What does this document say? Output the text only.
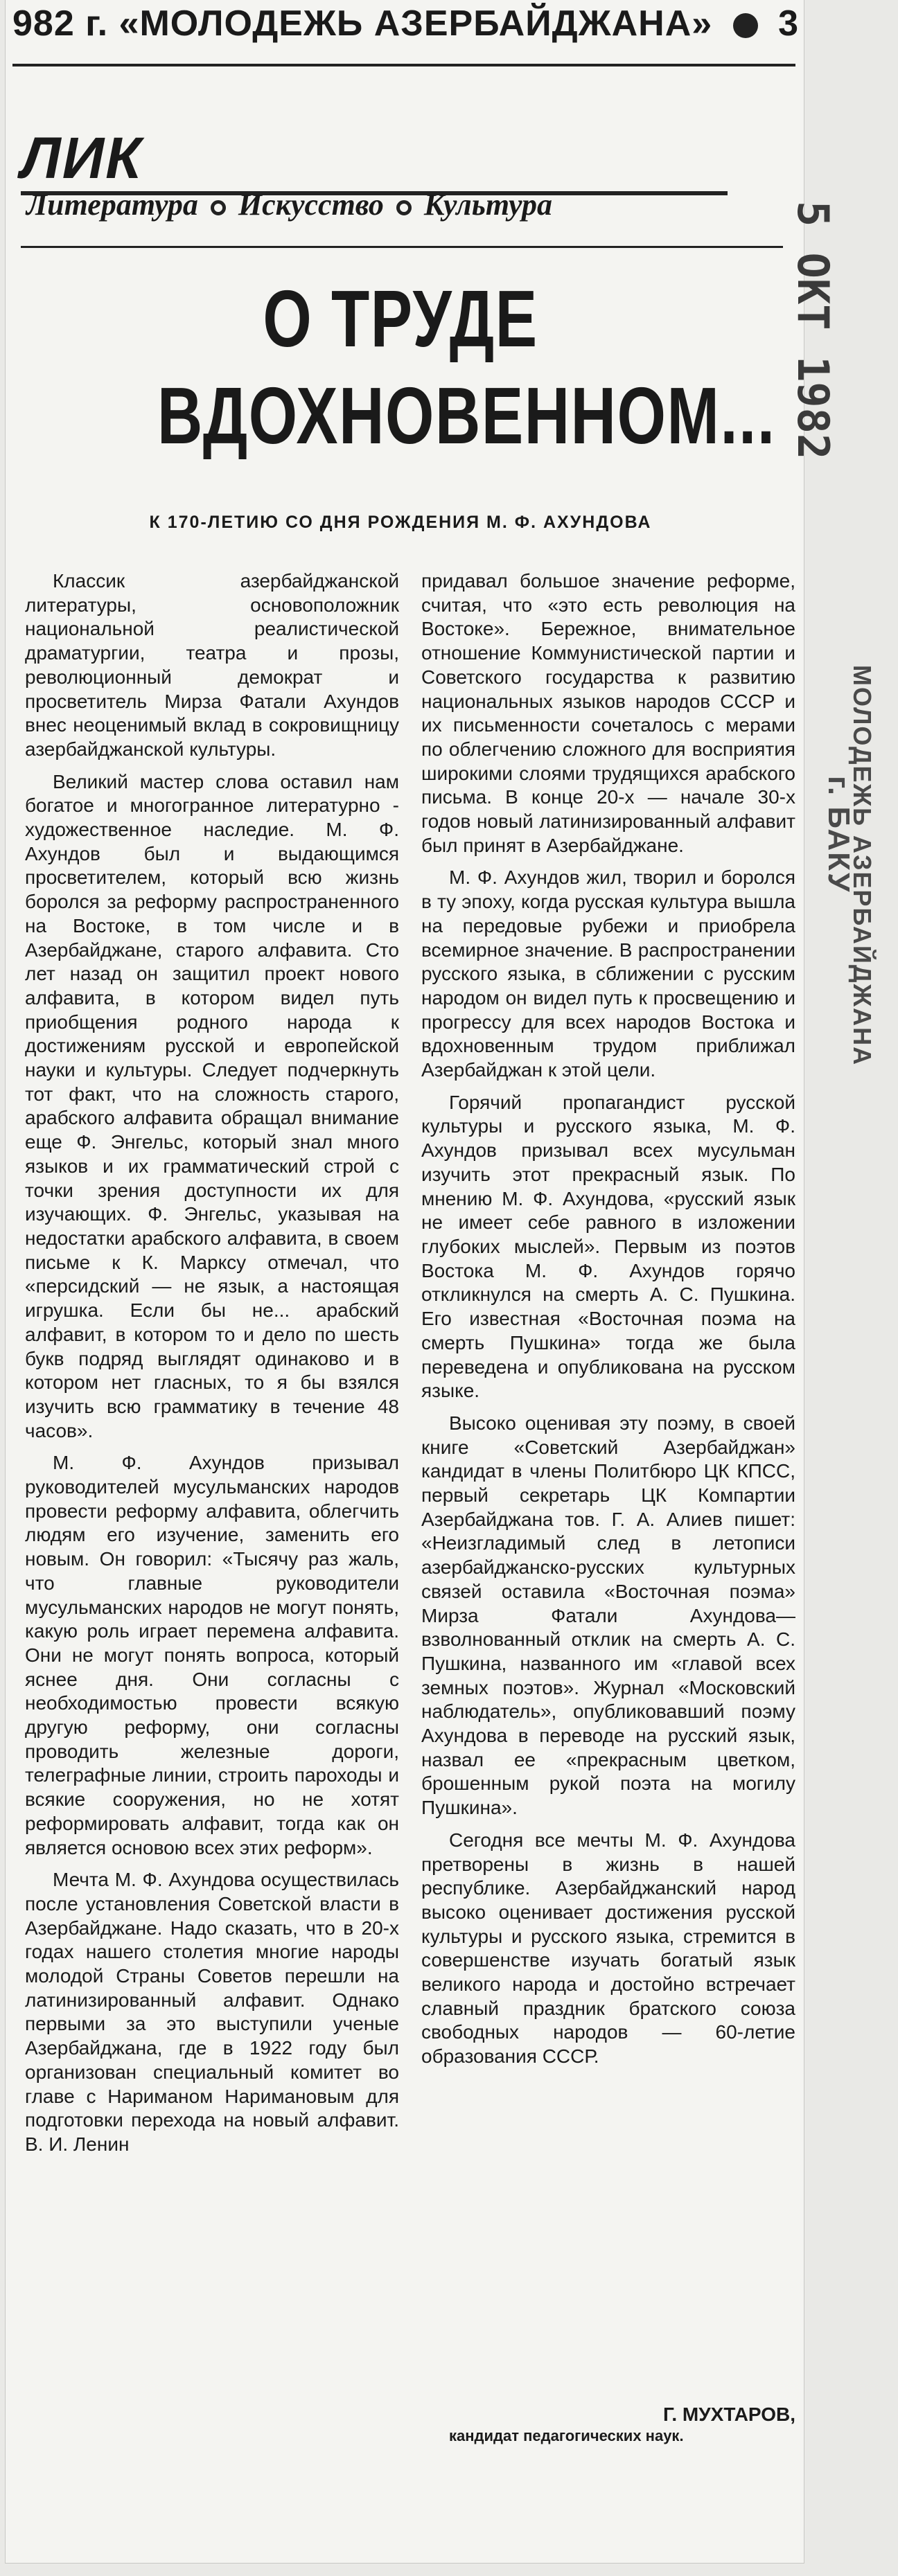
982 г. «МОЛОДЕЖЬ АЗЕРБАЙДЖАНА» 3
ЛИК
Литература Искусство Культура
О ТРУДЕ
ВДОХНОВЕННОМ...
К 170-ЛЕТИЮ СО ДНЯ РОЖДЕНИЯ М. Ф. АХУНДОВА

Классик азербайджанской литературы, основоположник национальной реалистической драматургии, театра и прозы, революционный демократ и просветитель Мирза Фатали Ахундов внес неоценимый вклад в сокровищницу азербайджанской культуры.

Великий мастер слова оставил нам богатое и многогранное литературно - художественное наследие. М. Ф. Ахундов был и выдающимся просветителем, который всю жизнь боролся за реформу распространенного на Востоке, в том числе и в Азербайджане, старого алфавита. Сто лет назад он защитил проект нового алфавита, в котором видел путь приобщения родного народа к достижениям русской и европейской науки и культуры. Следует подчеркнуть тот факт, что на сложность старого, арабского алфавита обращал внимание еще Ф. Энгельс, который знал много языков и их грамматический строй с точки зрения доступности их для изучающих. Ф. Энгельс, указывая на недостатки арабского алфавита, в своем письме к К. Марксу отмечал, что «персидский — не язык, а настоящая игрушка. Если бы не... арабский алфавит, в котором то и дело по шесть букв подряд выглядят одинаково и в котором нет гласных, то я бы взялся изучить всю грамматику в течение 48 часов».

М. Ф. Ахундов призывал руководителей мусульманских народов провести реформу алфавита, облегчить людям его изучение, заменить его новым. Он говорил: «Тысячу раз жаль, что главные руководители мусульманских народов не могут понять, какую роль играет перемена алфавита. Они не могут понять вопроса, который яснее дня. Они согласны с необходимостью провести всякую другую реформу, они согласны проводить железные дороги, телеграфные линии, строить пароходы и всякие сооружения, но не хотят реформировать алфавит, тогда как он является основою всех этих реформ».

Мечта М. Ф. Ахундова осуществилась после установления Советской власти в Азербайджане. Надо сказать, что в 20-х годах нашего столетия многие народы молодой Страны Советов перешли на латинизированный алфавит. Однако первыми за это выступили ученые Азербайджана, где в 1922 году был организован специальный комитет во главе с Нариманом Наримановым для подготовки перехода на новый алфавит. В. И. Ленин

придавал большое значение реформе, считая, что «это есть революция на Востоке». Бережное, внимательное отношение Коммунистической партии и Советского государства к развитию национальных языков народов СССР и их письменности сочеталось с мерами по облегчению сложного для восприятия широкими слоями трудящихся арабского письма. В конце 20-х — начале 30-х годов новый латинизированный алфавит был принят в Азербайджане.

М. Ф. Ахундов жил, творил и боролся в ту эпоху, когда русская культура вышла на передовые рубежи и приобрела всемирное значение. В распространении русского языка, в сближении с русским народом он видел путь к просвещению и прогрессу для всех народов Востока и вдохновенным трудом приближал Азербайджан к этой цели.

Горячий пропагандист русской культуры и русского языка, М. Ф. Ахундов призывал всех мусульман изучить этот прекрасный язык. По мнению М. Ф. Ахундова, «русский язык не имеет себе равного в изложении глубоких мыслей». Первым из поэтов Востока М. Ф. Ахундов горячо откликнулся на смерть А. С. Пушкина. Его известная «Восточная поэма на смерть Пушкина» тогда же была переведена и опубликована на русском языке.

Высоко оценивая эту поэму, в своей книге «Советский Азербайджан» кандидат в члены Политбюро ЦК КПСС, первый секретарь ЦК Компартии Азербайджана тов. Г. А. Алиев пишет: «Неизгладимый след в летописи азербайджанско-русских культурных связей оставила «Восточная поэма» Мирза Фатали Ахундова—взволнованный отклик на смерть А. С. Пушкина, названного им «главой всех земных поэтов». Журнал «Московский наблюдатель», опубликовавший поэму Ахундова в переводе на русский язык, назвал ее «прекрасным цветком, брошенным рукой поэта на могилу Пушкина».

Сегодня все мечты М. Ф. Ахундова претворены в жизнь в нашей республике. Азербайджанский народ высоко оценивает достижения русской культуры и русского языка, стремится в совершенстве изучать богатый язык великого народа и достойно встречает славный праздник братского союза свободных народов — 60-летие образования СССР.

Г. МУХТАРОВ,
кандидат педагогических наук.
5 ОКТ 1982
МОЛОДЕЖЬ АЗЕРБАЙДЖАНА
г. БАКУ
